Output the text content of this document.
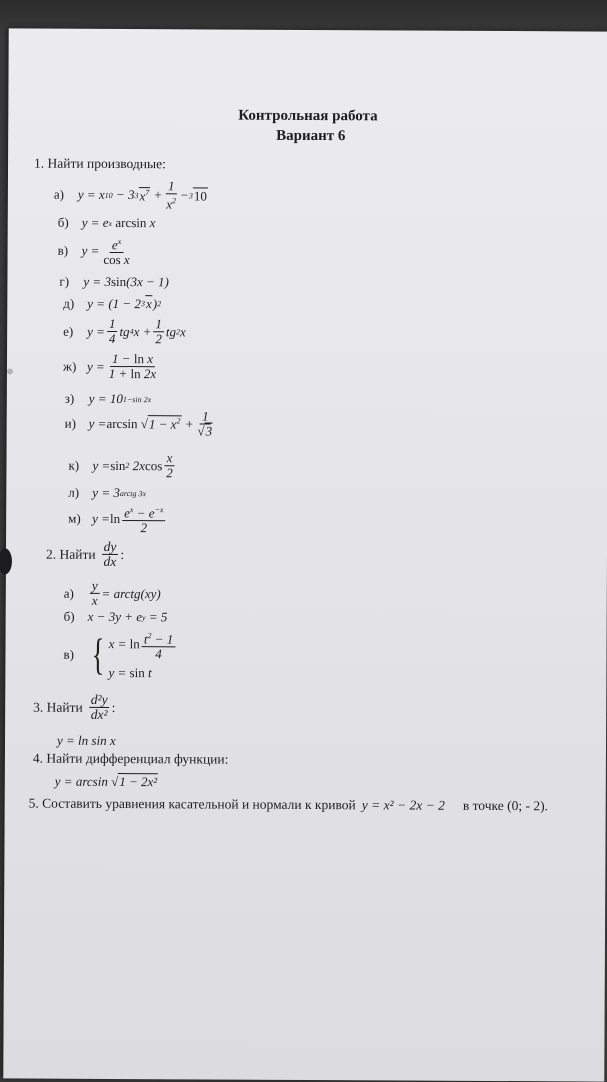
Контрольная работа
Вариант 6
1. Найти производные:
а)	y = x 10 − 3 3 $x^7 + \frac{1}{x^2} - 3$ 10
б) y = e x
arcsin x
в)	$y = \frac{e^x}{\text{cos x}}$
г)	y = 3 sin (3x − 1)
д) y = (1 − 2 3 x ) 2
е)	$y = \frac{1}{4}$ tg 4 $x + \frac{1}{2}$ tg 2 x
ж) $y = \frac{\text{1 − ln x}}{1 + \ln 2x}$
з)	y = 10 1−sin 2x
и) y = arcsin √ $1 - x^2 + \frac{1}{√3}$
к)	y = sin 2 2x $\cos \frac{x}{2}$
л)	y = 3 arctg 3x
м) $y = \ln \frac{e^x - e^{-x}}{2}$
2. Найти $\frac{dy}{dx}$ :
а)	$\frac{y}{x}$ = arctg(xy)
б) x − 3y + e y = 5
в) { $x = \ln \frac{t^2 - 1}{4}$
y = sin t
3. Найти $\frac{\text{d²y}}{\text{dx²}}$ :
y = ln sin x
4. Найти дифференциал функции:
y = arcsin √ 1 − 2x²
5. Составить уравнения касательной и нормали к кривой y = x² − 2x − 2 в точке (0; - 2).
